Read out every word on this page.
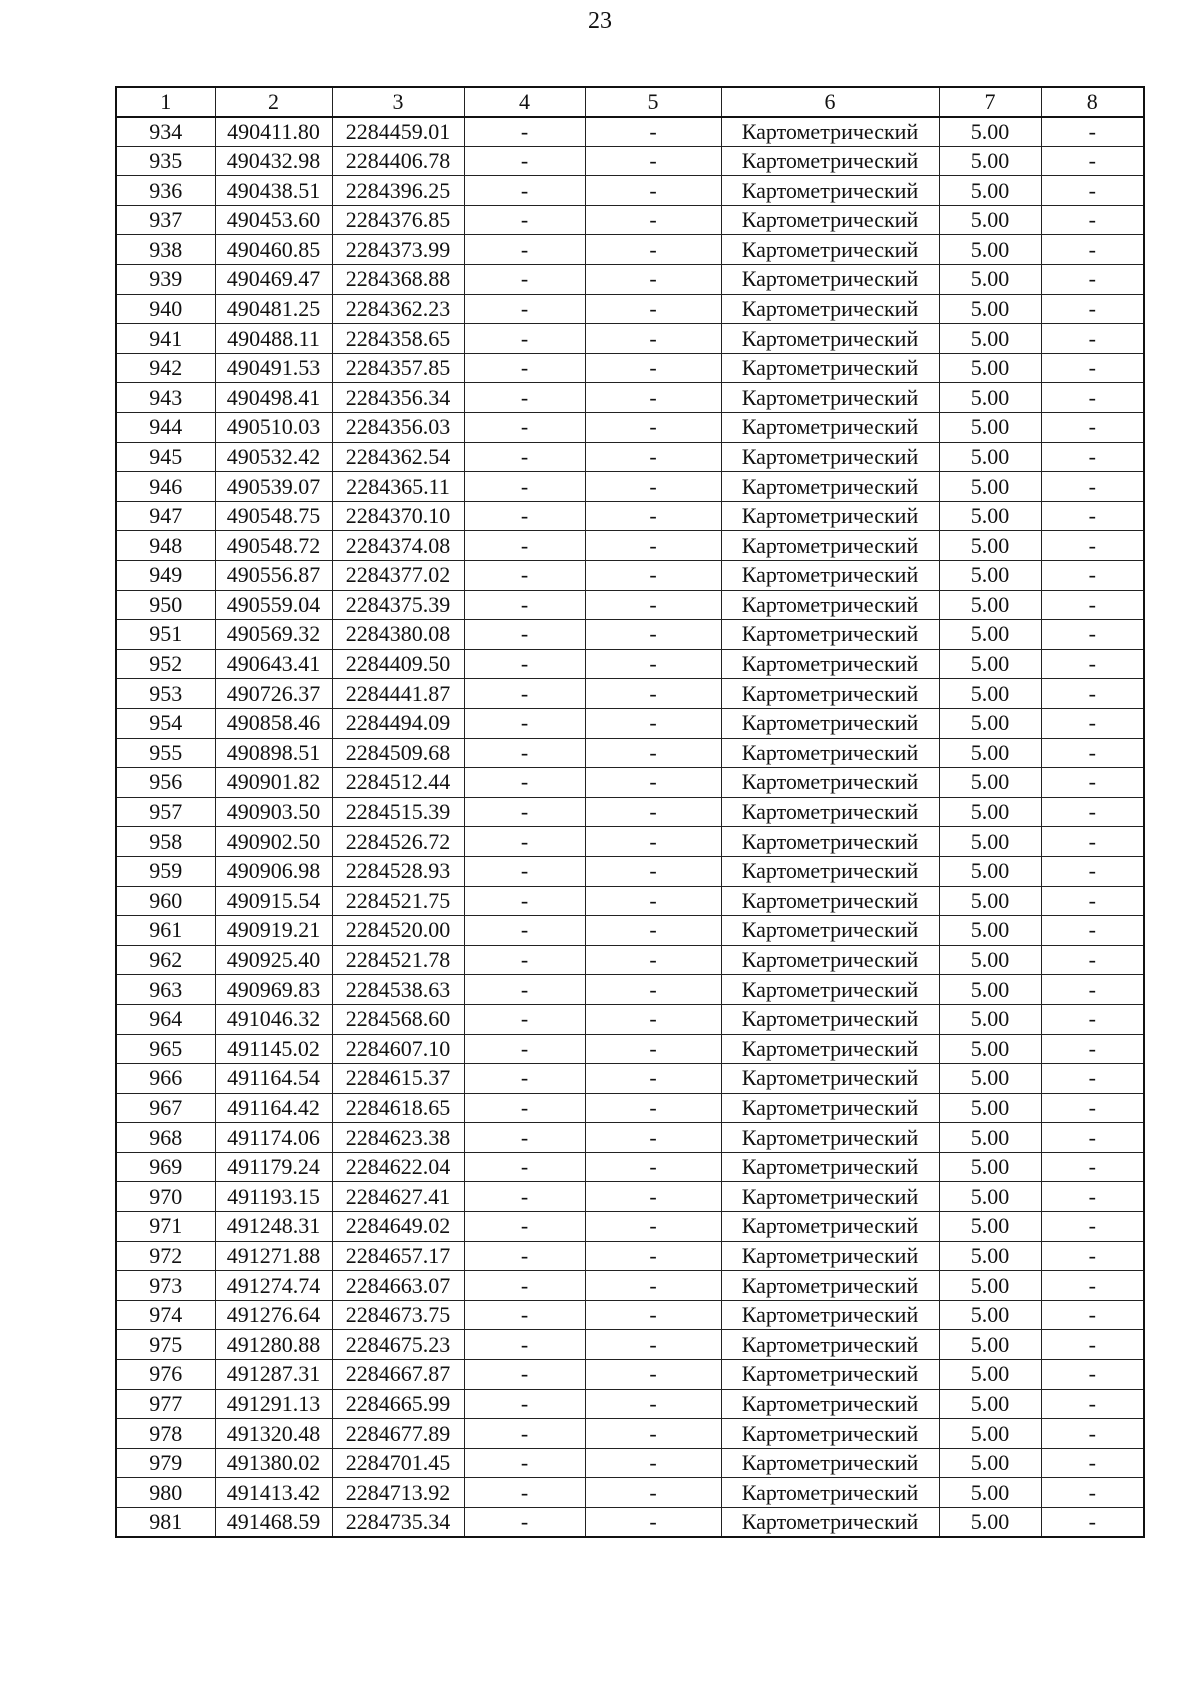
23
1	2	3	4	5	6	7	8
934	490411.80	2284459.01	-	-	Картометрический	5.00	-
935	490432.98	2284406.78	-	-	Картометрический	5.00	-
936	490438.51	2284396.25	-	-	Картометрический	5.00	-
937	490453.60	2284376.85	-	-	Картометрический	5.00	-
938	490460.85	2284373.99	-	-	Картометрический	5.00	-
939	490469.47	2284368.88	-	-	Картометрический	5.00	-
940	490481.25	2284362.23	-	-	Картометрический	5.00	-
941	490488.11	2284358.65	-	-	Картометрический	5.00	-
942	490491.53	2284357.85	-	-	Картометрический	5.00	-
943	490498.41	2284356.34	-	-	Картометрический	5.00	-
944	490510.03	2284356.03	-	-	Картометрический	5.00	-
945	490532.42	2284362.54	-	-	Картометрический	5.00	-
946	490539.07	2284365.11	-	-	Картометрический	5.00	-
947	490548.75	2284370.10	-	-	Картометрический	5.00	-
948	490548.72	2284374.08	-	-	Картометрический	5.00	-
949	490556.87	2284377.02	-	-	Картометрический	5.00	-
950	490559.04	2284375.39	-	-	Картометрический	5.00	-
951	490569.32	2284380.08	-	-	Картометрический	5.00	-
952	490643.41	2284409.50	-	-	Картометрический	5.00	-
953	490726.37	2284441.87	-	-	Картометрический	5.00	-
954	490858.46	2284494.09	-	-	Картометрический	5.00	-
955	490898.51	2284509.68	-	-	Картометрический	5.00	-
956	490901.82	2284512.44	-	-	Картометрический	5.00	-
957	490903.50	2284515.39	-	-	Картометрический	5.00	-
958	490902.50	2284526.72	-	-	Картометрический	5.00	-
959	490906.98	2284528.93	-	-	Картометрический	5.00	-
960	490915.54	2284521.75	-	-	Картометрический	5.00	-
961	490919.21	2284520.00	-	-	Картометрический	5.00	-
962	490925.40	2284521.78	-	-	Картометрический	5.00	-
963	490969.83	2284538.63	-	-	Картометрический	5.00	-
964	491046.32	2284568.60	-	-	Картометрический	5.00	-
965	491145.02	2284607.10	-	-	Картометрический	5.00	-
966	491164.54	2284615.37	-	-	Картометрический	5.00	-
967	491164.42	2284618.65	-	-	Картометрический	5.00	-
968	491174.06	2284623.38	-	-	Картометрический	5.00	-
969	491179.24	2284622.04	-	-	Картометрический	5.00	-
970	491193.15	2284627.41	-	-	Картометрический	5.00	-
971	491248.31	2284649.02	-	-	Картометрический	5.00	-
972	491271.88	2284657.17	-	-	Картометрический	5.00	-
973	491274.74	2284663.07	-	-	Картометрический	5.00	-
974	491276.64	2284673.75	-	-	Картометрический	5.00	-
975	491280.88	2284675.23	-	-	Картометрический	5.00	-
976	491287.31	2284667.87	-	-	Картометрический	5.00	-
977	491291.13	2284665.99	-	-	Картометрический	5.00	-
978	491320.48	2284677.89	-	-	Картометрический	5.00	-
979	491380.02	2284701.45	-	-	Картометрический	5.00	-
980	491413.42	2284713.92	-	-	Картометрический	5.00	-
981	491468.59	2284735.34	-	-	Картометрический	5.00	-
